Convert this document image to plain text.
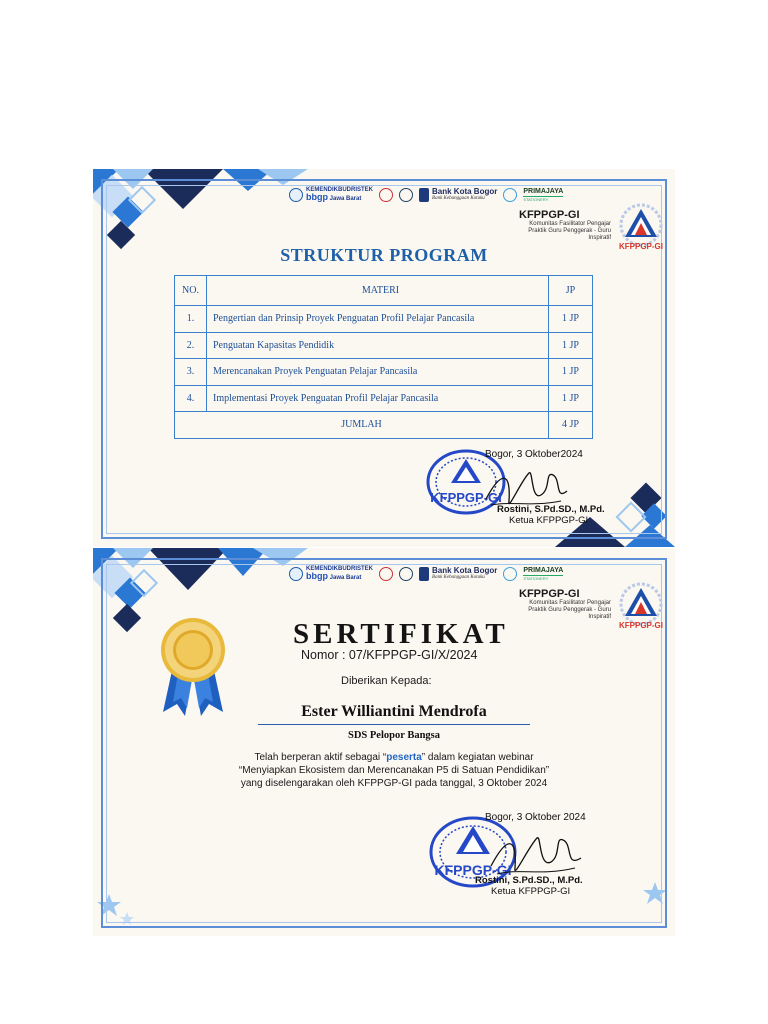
KEMENDIKBUDRISTEK
bbgp Jawa Barat
Bank Kota Bogor
Bank Kebanggaan Kotaku
PRIMAJAYA
STATIONERY
KFPPGP-GI
Komunitas Fasilitator Pengajar Praktik Guru Penggerak - Guru Inspiratif
KFPPGP-GI
STRUKTUR PROGRAM
NO.	MATERI	JP
1.	Pengertian dan Prinsip Proyek Penguatan Profil Pelajar Pancasila	1 JP
2.	Penguatan Kapasitas Pendidik	1 JP
3.	Merencanakan Proyek Penguatan Pelajar Pancasila	1 JP
4.	Implementasi Proyek Penguatan Profil Pelajar Pancasila	1 JP
JUMLAH		4 JP
KFPPGP-GI
Bogor, 3 Oktober2024
Rostini, S.Pd.SD., M.Pd.
Ketua KFPPGP-GI
KEMENDIKBUDRISTEK
bbgp Jawa Barat
Bank Kota Bogor
Bank Kebanggaan Kotaku
PRIMAJAYA
STATIONERY
KFPPGP-GI
Komunitas Fasilitator Pengajar Praktik Guru Penggerak - Guru Inspiratif
KFPPGP-GI
SERTIFIKAT
Nomor : 07/KFPPGP-GI/X/2024
Diberikan Kepada:
Ester Williantini Mendrofa
SDS Pelopor Bangsa
Telah berperan aktif sebagai “peserta” dalam kegiatan webinar
“Menyiapkan Ekosistem dan Merencanakan P5 di Satuan Pendidikan”
yang diselengarakan oleh KFPPGP-GI pada tanggal, 3 Oktober 2024
KFPPGP-GI
Bogor, 3 Oktober 2024
Rostini, S.Pd.SD., M.Pd.
Ketua KFPPGP-GI
